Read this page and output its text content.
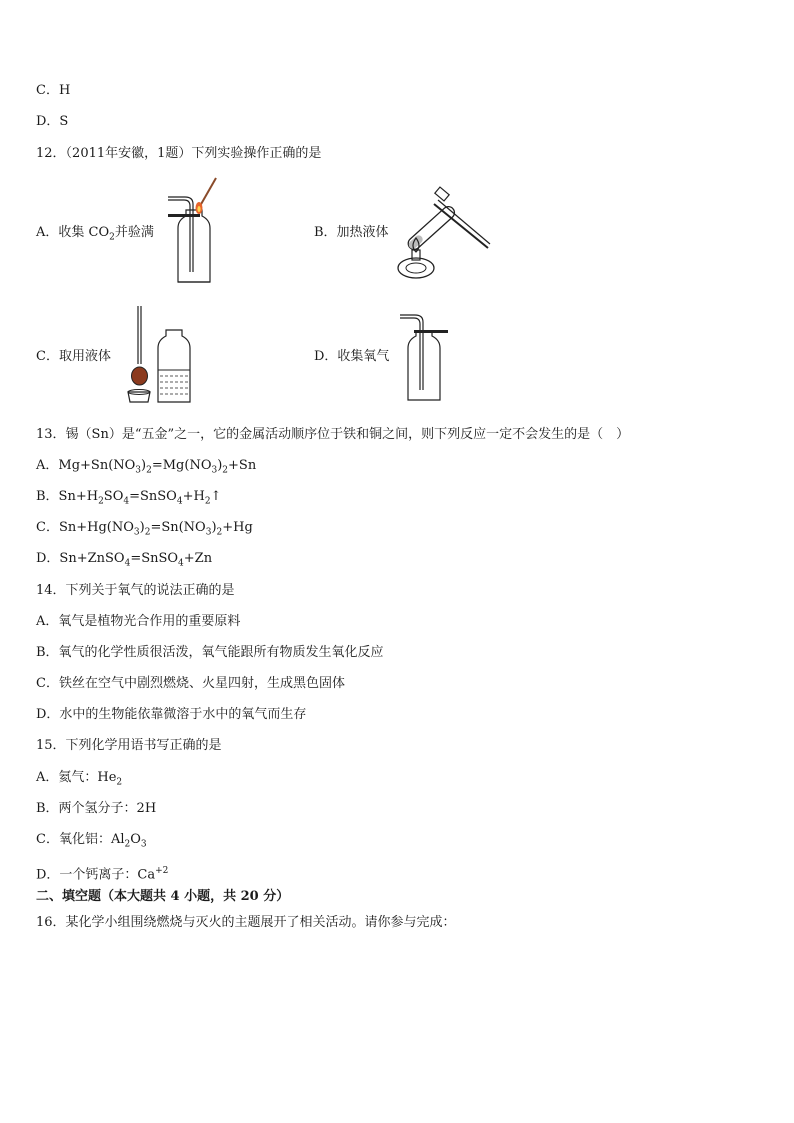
C．H
D．S
12．（2011年安徽，1题）下列实验操作正确的是
A．收集 $CO_2$并验满	B．加热液体
C．取用液体	D．收集氧气
13．锡（Sn）是“五金”之一，它的金属活动顺序位于铁和铜之间，则下列反应一定不会发生的是（　）
A．$Mg+Sn(NO_3)_2=Mg(NO_3)_2+Sn$
B．$Sn+H_2SO_4=SnSO_4+H_2↑$
C．$Sn+Hg(NO_3)_2=Sn(NO_3)_2+Hg$
D．Sn+ZnSO$_4$=SnSO$_4$+Zn
14．下列关于氧气的说法正确的是
A．氧气是植物光合作用的重要原料
B．氧气的化学性质很活泼，氧气能跟所有物质发生氧化反应
C．铁丝在空气中剧烈燃烧、火星四射，生成黑色固体
D．水中的生物能依靠微溶于水中的氧气而生存
15．下列化学用语书写正确的是
A．氦气：$He_2$
B．两个氢分子：2H
C．氧化铝：$Al_2O_3$
D．一个钙离子：$Ca^{+2}$
二、填空题（本大题共 4 小题，共 20 分）
16．某化学小组围绕燃烧与灭火的主题展开了相关活动。请你参与完成：
